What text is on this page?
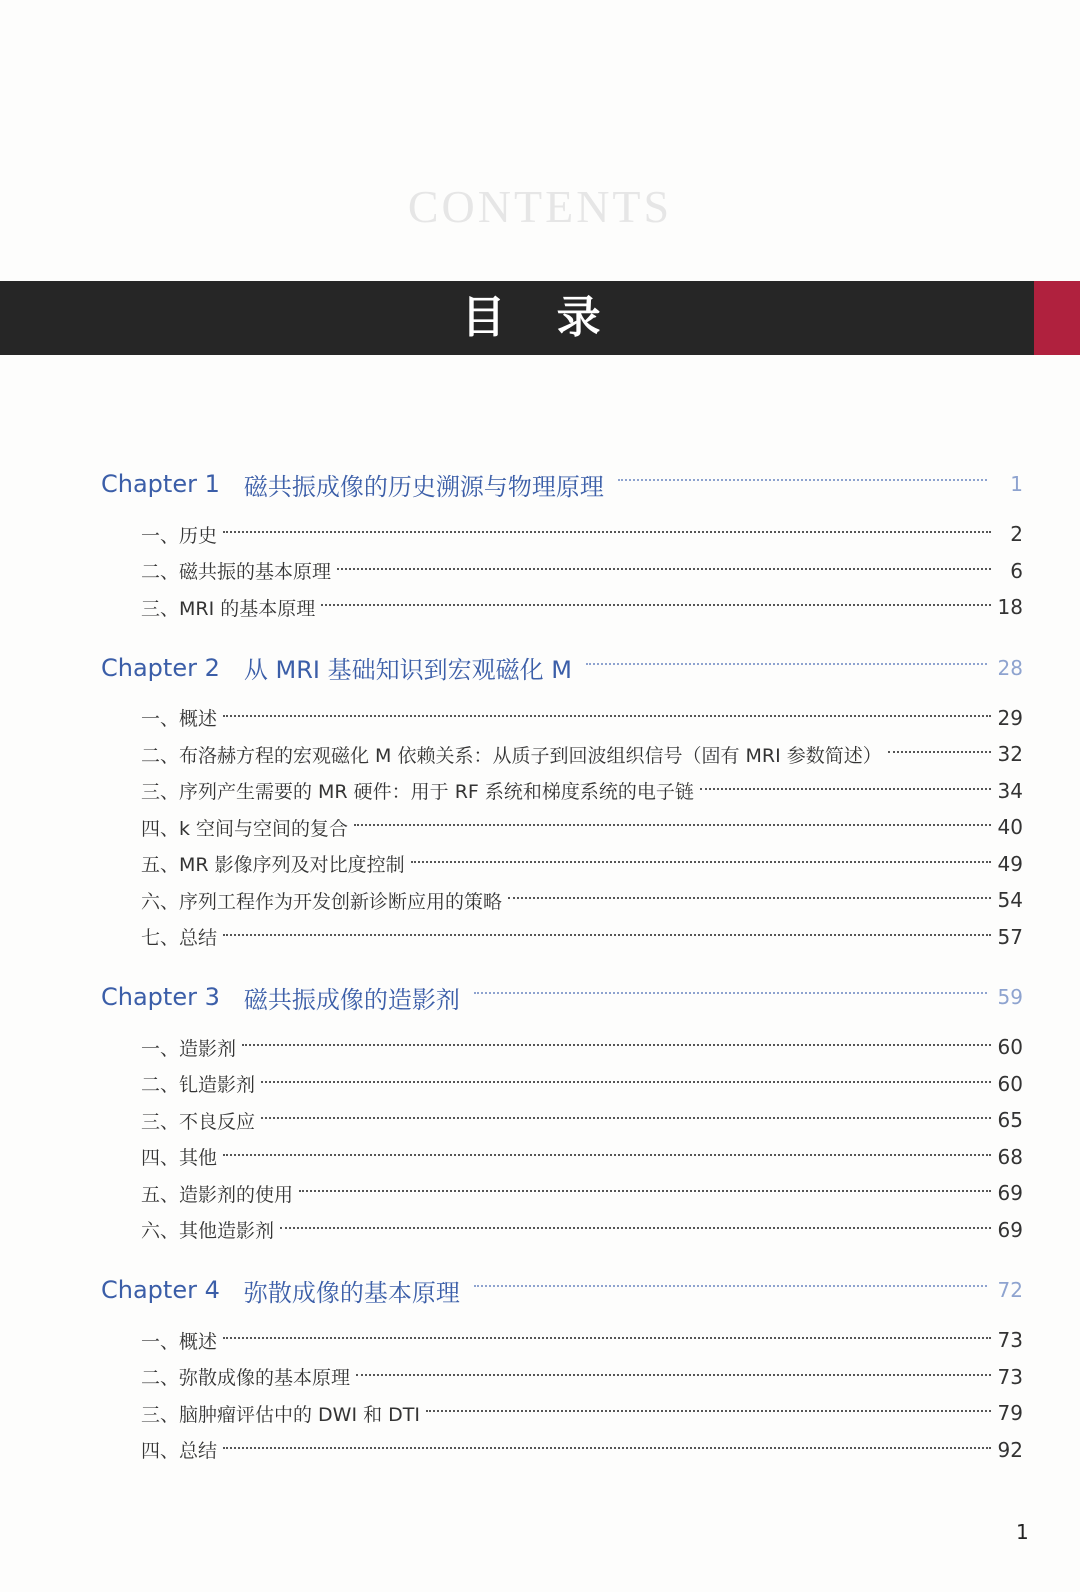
CONTENTS
目 录
Chapter 1 磁共振成像的历史溯源与物理原理	1
一、历史	2
二、磁共振的基本原理	6
三、MRI 的基本原理	18
Chapter 2 从 MRI 基础知识到宏观磁化 M	28
一、概述	29
二、布洛赫方程的宏观磁化 M 依赖关系：从质子到回波组织信号（固有 MRI 参数简述）	32
三、序列产生需要的 MR 硬件：用于 RF 系统和梯度系统的电子链	34
四、k 空间与空间的复合	40
五、MR 影像序列及对比度控制	49
六、序列工程作为开发创新诊断应用的策略	54
七、总结	57
Chapter 3 磁共振成像的造影剂	59
一、造影剂	60
二、钆造影剂	60
三、不良反应	65
四、其他	68
五、造影剂的使用	69
六、其他造影剂	69
Chapter 4 弥散成像的基本原理	72
一、概述	73
二、弥散成像的基本原理	73
三、脑肿瘤评估中的 DWI 和 DTI	79
四、总结	92
1
